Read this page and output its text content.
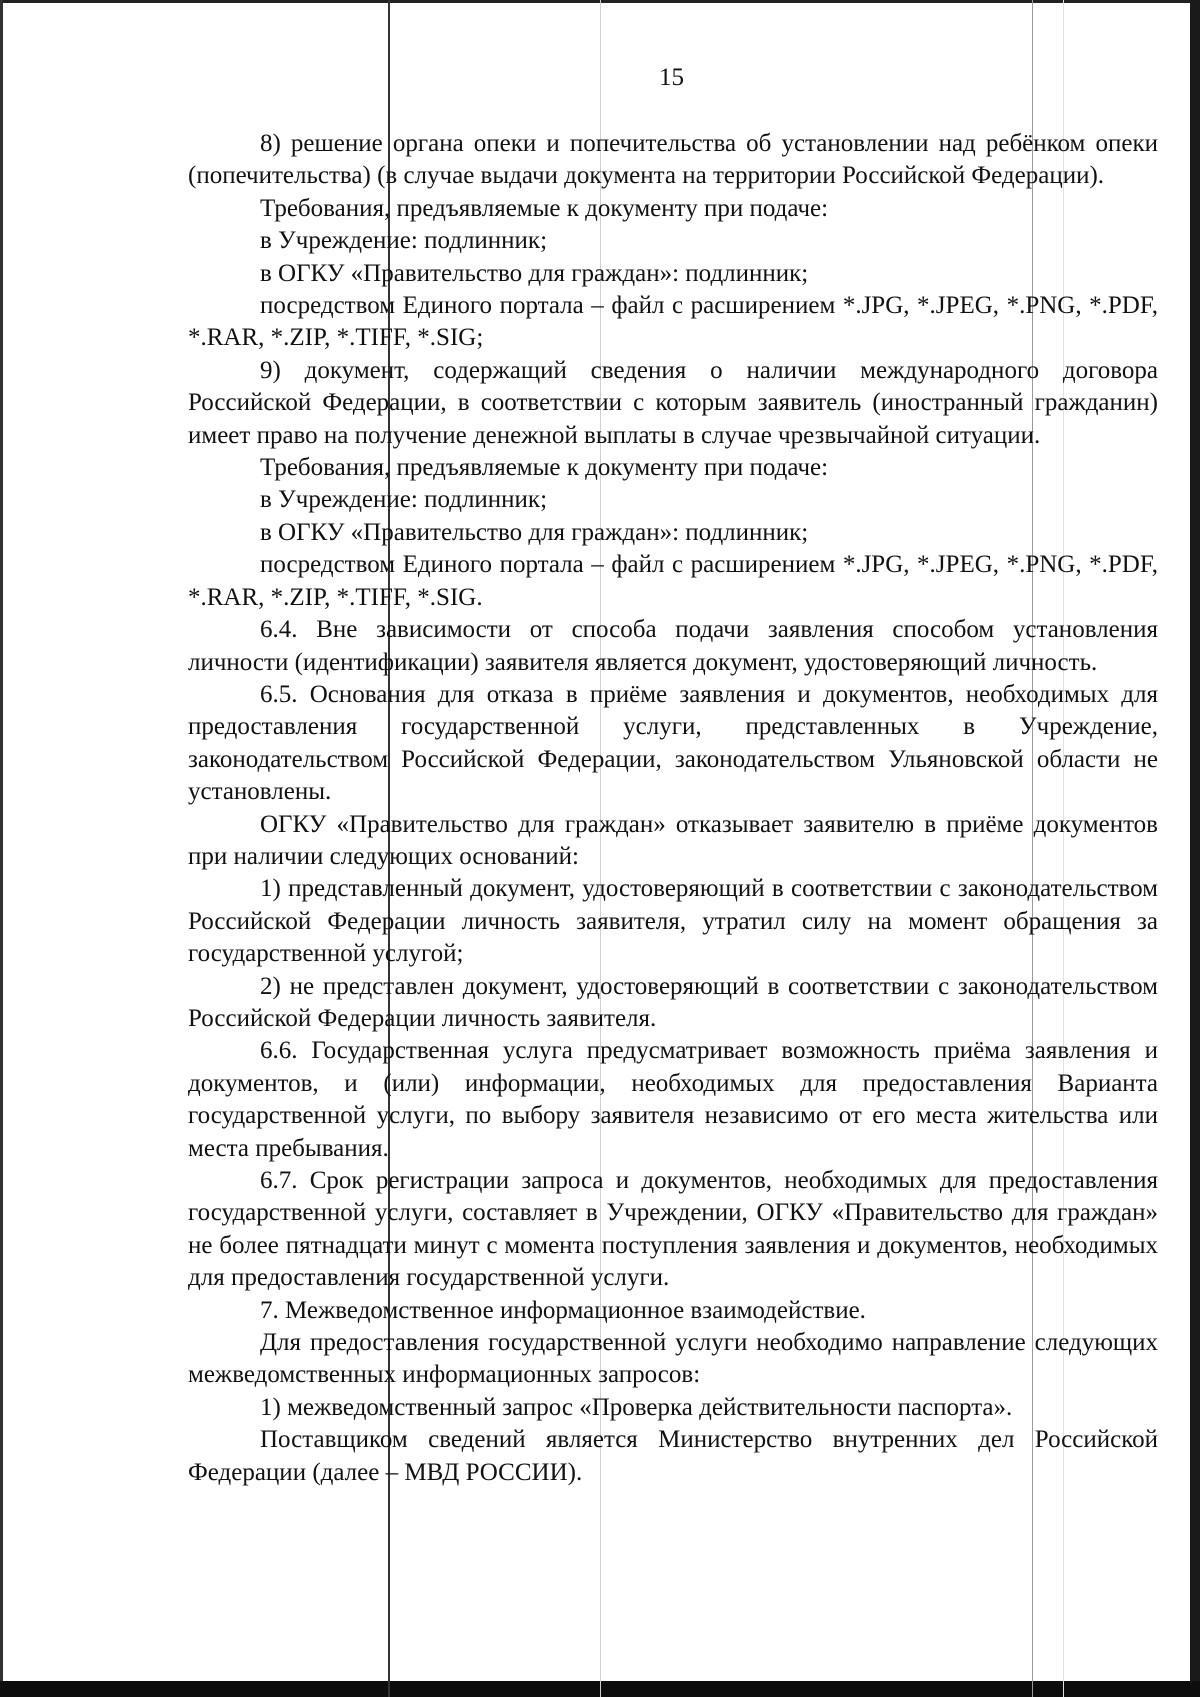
15

8) решение органа опеки и попечительства об установлении над ребёнком опеки (попечительства) (в случае выдачи документа на территории Российской Федерации).

Требования, предъявляемые к документу при подаче:

в Учреждение: подлинник;

в ОГКУ «Правительство для граждан»: подлинник;

посредством Единого портала – файл с расширением *.JPG, *.JPEG, *.PNG, *.PDF, *.RAR, *.ZIP, *.TIFF, *.SIG;

9) документ, содержащий сведения о наличии международного договора Российской Федерации, в соответствии с которым заявитель (иностранный гражданин) имеет право на получение денежной выплаты в случае чрезвычайной ситуации.

Требования, предъявляемые к документу при подаче:

в Учреждение: подлинник;

в ОГКУ «Правительство для граждан»: подлинник;

посредством Единого портала – файл с расширением *.JPG, *.JPEG, *.PNG, *.PDF, *.RAR, *.ZIP, *.TIFF, *.SIG.

6.4. Вне зависимости от способа подачи заявления способом установления личности (идентификации) заявителя является документ, удостоверяющий личность.

6.5. Основания для отказа в приёме заявления и документов, необходимых для предоставления государственной услуги, представленных в Учреждение, законодательством Российской Федерации, законодательством Ульяновской области не установлены.

ОГКУ «Правительство для граждан» отказывает заявителю в приёме документов при наличии следующих оснований:

1) представленный документ, удостоверяющий в соответствии с законодательством Российской Федерации личность заявителя, утратил силу на момент обращения за государственной услугой;

2) не представлен документ, удостоверяющий в соответствии с законодательством Российской Федерации личность заявителя.

6.6. Государственная услуга предусматривает возможность приёма заявления и документов, и (или) информации, необходимых для предоставления Варианта государственной услуги, по выбору заявителя независимо от его места жительства или места пребывания.

6.7. Срок регистрации запроса и документов, необходимых для предоставления государственной услуги, составляет в Учреждении, ОГКУ «Правительство для граждан» не более пятнадцати минут с момента поступления заявления и документов, необходимых для предоставления государственной услуги.

7. Межведомственное информационное взаимодействие.

Для предоставления государственной услуги необходимо направление следующих межведомственных информационных запросов:

1) межведомственный запрос «Проверка действительности паспорта».

Поставщиком сведений является Министерство внутренних дел Российской Федерации (далее – МВД РОССИИ).
